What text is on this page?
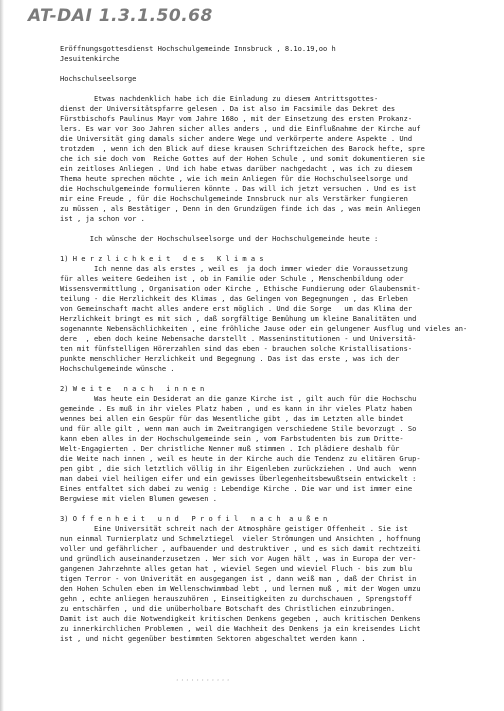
AT-DAI 1.3.1.50.68
Eröffnungsgottesdienst Hochschulgemeinde Innsbruck , 8.1o.19,oo h
Jesuitenkirche
Hochschulseelsorge
Etwas nachdenklich habe ich die Einladung zu diesem Antrittsgottes-
dienst der Universitätspfarre gelesen . Da ist also im Facsimile das Dekret des
Fürstbischofs Paulinus Mayr vom Jahre 168o , mit der Einsetzung des ersten Prokanz-
lers. Es war vor 3oo Jahren sicher alles anders , und die Einflußnahme der Kirche auf
die Universität ging damals sicher andere Wege und verkörperte andere Aspekte . Und
trotzdem  , wenn ich den Blick auf diese krausen Schriftzeichen des Barock hefte, spre
che ich sie doch vom  Reiche Gottes auf der Hohen Schule , und somit dokumentieren sie
ein zeitloses Anliegen . Und ich habe etwas darüber nachgedacht , was ich zu diesem
Thema heute sprechen möchte , wie ich mein Anliegen für die Hochschulseelsorge und
die Hochschulgemeinde formulieren könnte . Das will ich jetzt versuchen . Und es ist
mir eine Freude , für die Hochschulgemeinde Innsbruck nur als Verstärker fungieren
zu müssen , als Bestätiger , Denn in den Grundzügen finde ich das , was mein Anliegen
ist , ja schon vor .
Ich wünsche der Hochschulseelsorge und der Hochschulgemeinde heute :
1) H e r z l i c h k e i t   d e s   K l i m a s
Ich nenne das als erstes , weil es  ja doch immer wieder die Voraussetzung
für alles weitere Gedeihen ist , ob in Familie oder Schule , Menschenbildung oder
Wissensvermittlung , Organisation oder Kirche , Ethische Fundierung oder Glaubensmit-
teilung - die Herzlichkeit des Klimas , das Gelingen von Begegnungen , das Erleben
von Gemeinschaft macht alles andere erst möglich . Und die Sorge   um das Klima der
Herzlichkeit bringt es mit sich , daß sorgfältige Bemühung um kleine Banalitäten und
sogenannte Nebensächlichkeiten , eine fröhliche Jause oder ein gelungener Ausflug und vieles an-
dere  , eben doch keine Nebensache darstellt . Masseninstitutionen - und Universitä-
ten mit fünfstelligen Hörerzahlen sind das eben - brauchen solche Kristallisations-
punkte menschlicher Herzlichkeit und Begegnung . Das ist das erste , was ich der
Hochschulgemeinde wünsche .
2) W e i t e   n a c h   i n n e n
Was heute ein Desiderat an die ganze Kirche ist , gilt auch für die Hochschu
gemeinde . Es muß in ihr vieles Platz haben , und es kann in ihr vieles Platz haben
wennes bei allen ein Gespür für das Wesentliche gibt , das im Letzten alle bindet
und für alle gilt , wenn man auch im Zweitrangigen verschiedene Stile bevorzugt . So
kann eben alles in der Hochschulgemeinde sein , vom Farbstudenten bis zum Dritte-
Welt-Engagierten . Der christliche Nenner muß stimmen . Ich plädiere deshalb für
die Weite nach innen , weil es heute in der Kirche auch die Tendenz zu elitären Grup-
pen gibt , die sich letztlich völlig in ihr Eigenleben zurückziehen . Und auch  wenn
man dabei viel heiligen eifer und ein gewisses Überlegenheitsbewußtsein entwickelt :
Eines entfaltet sich dabei zu wenig : Lebendige Kirche . Die war und ist immer eine
Bergwiese mit vielen Blumen gewesen .
3) O f f e n h e i t   u n d   P r o f i l   n a c h  a u ß e n
Eine Universität schreit nach der Atmosphäre geistiger Offenheit . Sie ist
nun einmal Turnierplatz und Schmelztiegel  vieler Strömungen und Ansichten , hoffnung
voller und gefährlicher , aufbauender und destruktiver , und es sich damit rechtzeiti
und gründlich auseinanderzusetzen . Wer sich vor Augen hält , was in Europa der ver-
gangenen Jahrzehnte alles getan hat , wieviel Segen und wieviel Fluch - bis zum blu
tigen Terror - von Univerität en ausgegangen ist , dann weiß man , daß der Christ in
den Hohen Schulen eben im Wellenschwimmbad lebt , und lernen muß , mit der Wogen umzu
gehn , echte anliegen herauszuhören , Einseitigkeiten zu durchschauen , Sprengstoff
zu entschärfen , und die unüberholbare Botschaft des Christlichen einzubringen.
Damit ist auch die Notwendigkeit kritischen Denkens gegeben , auch kritischen Denkens
zu innerkirchlichen Problemen , weil die Wachheit des Denkens ja ein kreisendes Licht
ist , und nicht gegenüber bestimmten Sektoren abgeschaltet werden kann .
· · · · · · · · · · ·
